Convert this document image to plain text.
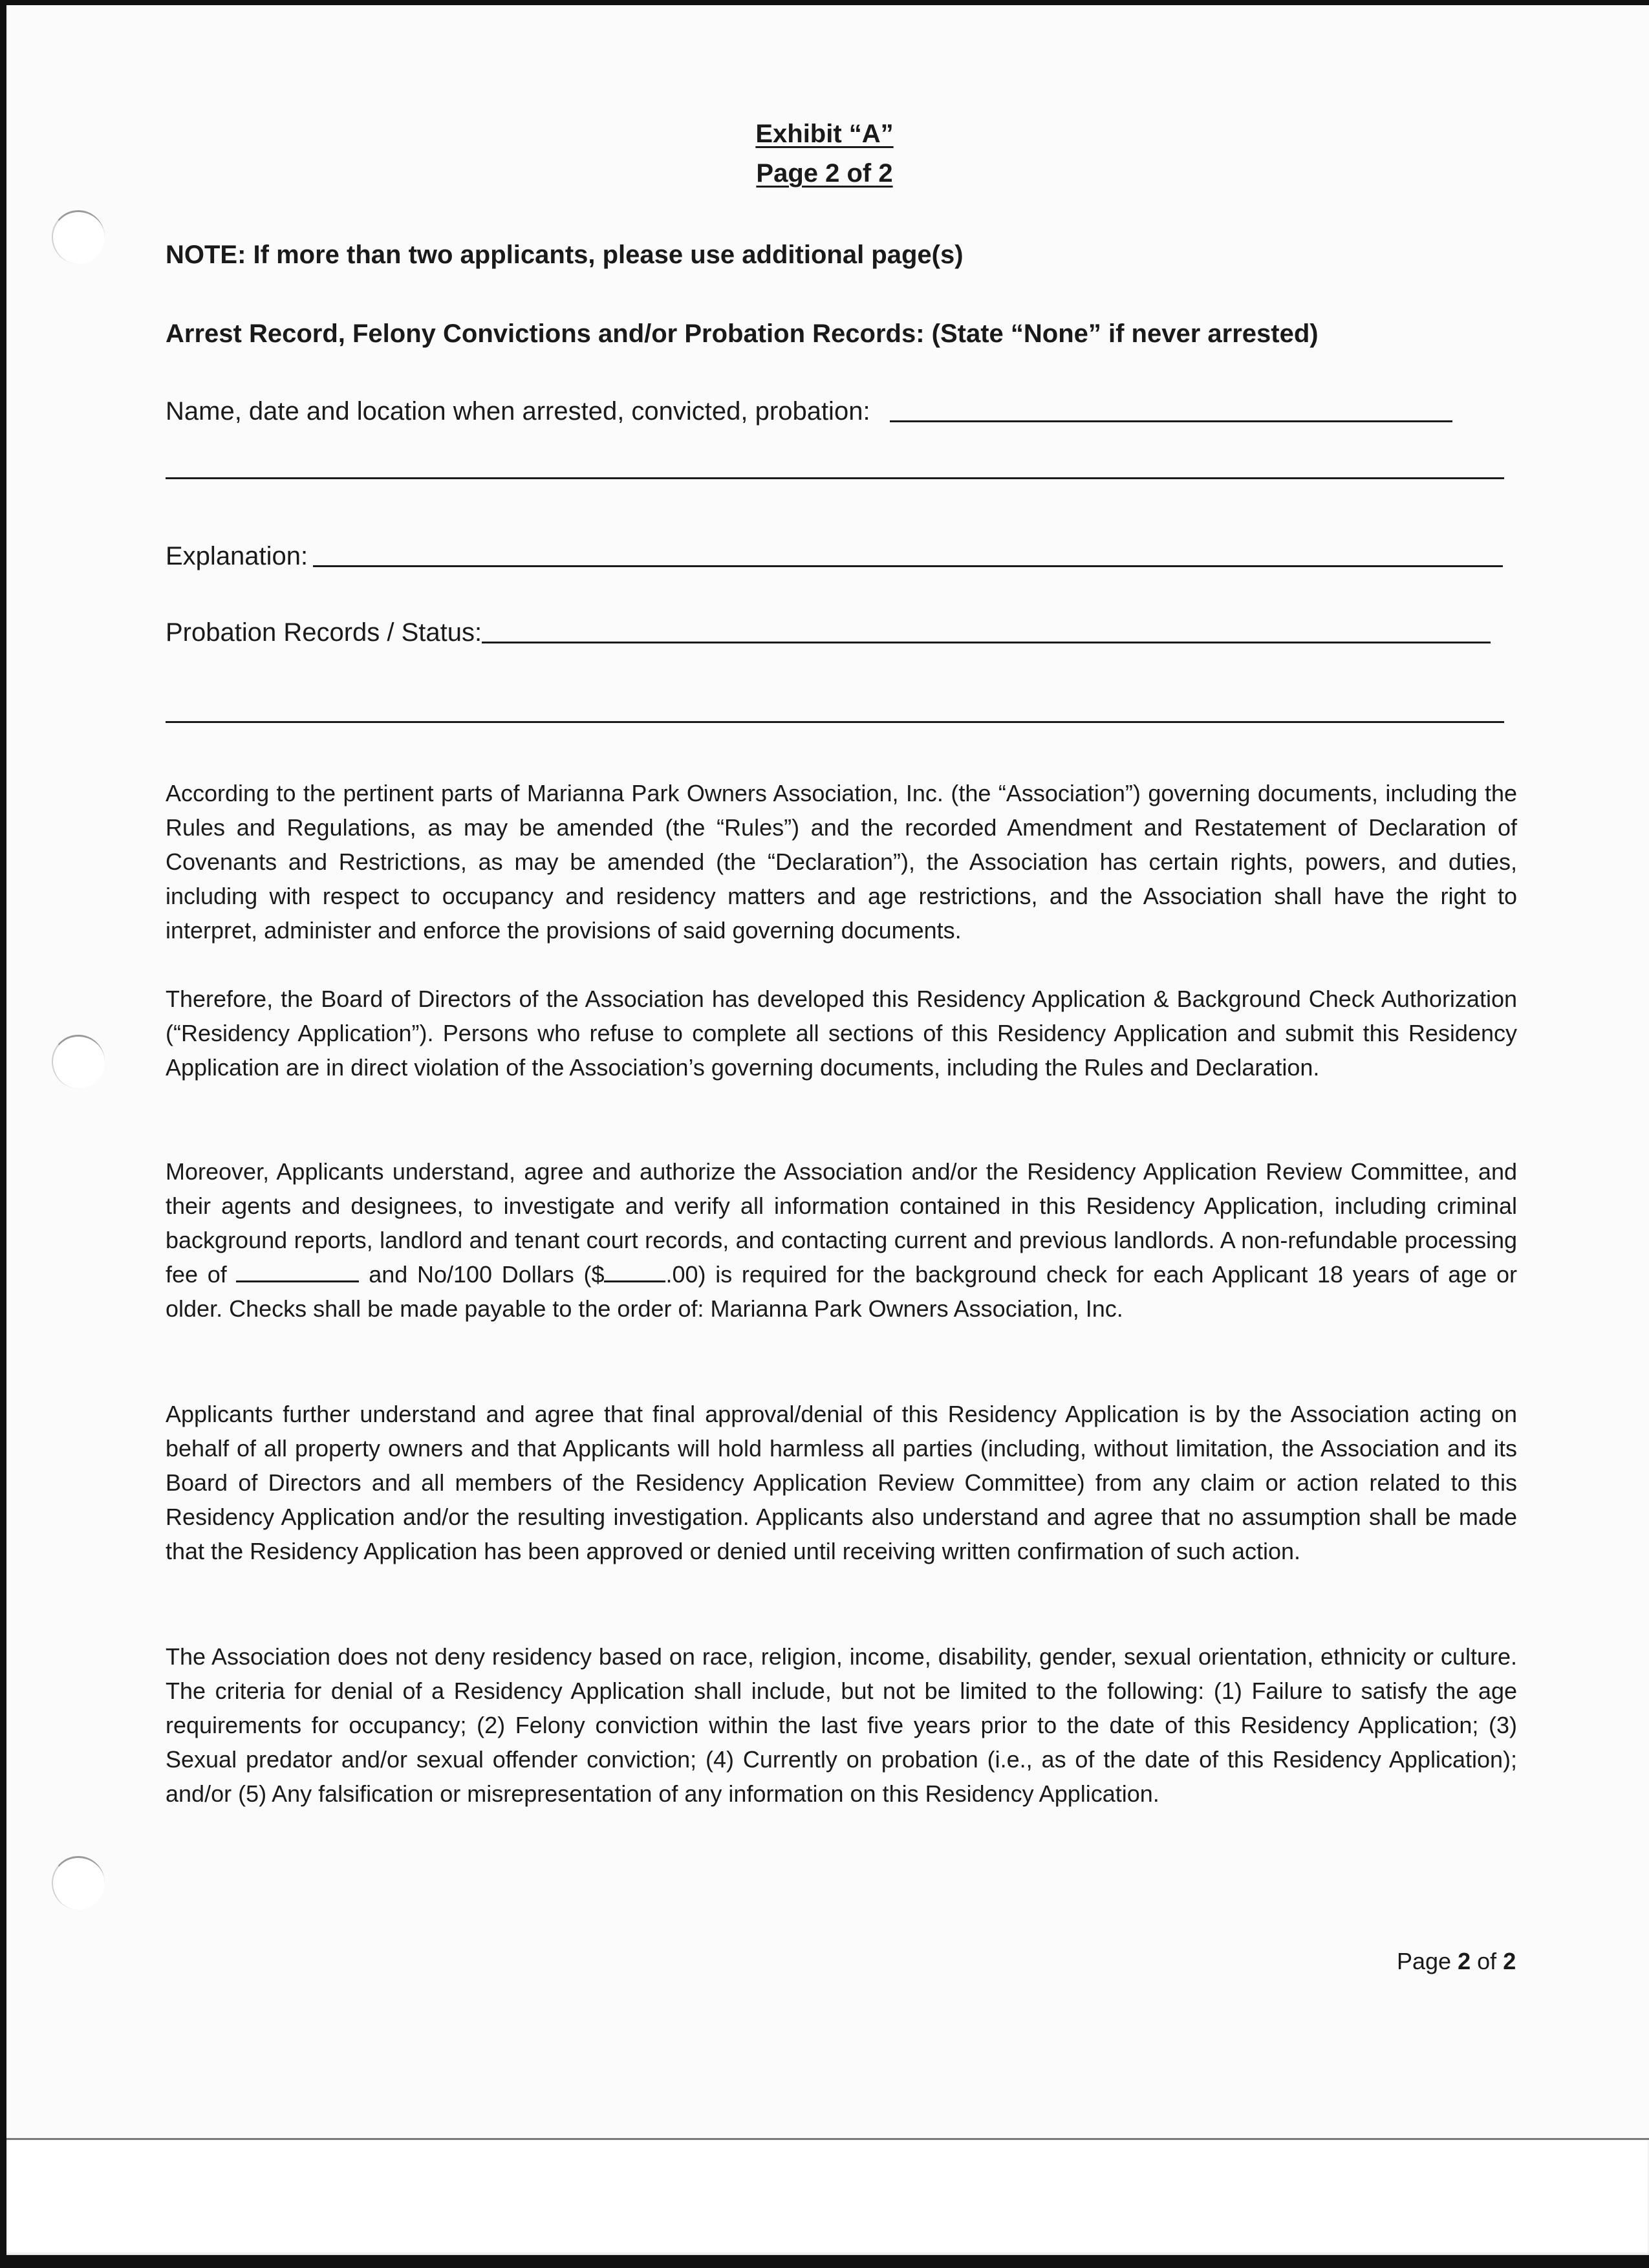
Exhibit “A”
Page 2 of 2
NOTE: If more than two applicants, please use additional page(s)
Arrest Record, Felony Convictions and/or Probation Records: (State “None” if never arrested)
Name, date and location when arrested, convicted, probation:
Explanation:
Probation Records / Status:
According to the pertinent parts of Marianna Park Owners Association, Inc. (the “Association”) governing documents, including the Rules and Regulations, as may be amended (the “Rules”) and the recorded Amendment and Restatement of Declaration of Covenants and Restrictions, as may be amended (the “Declaration”), the Association has certain rights, powers, and duties, including with respect to occupancy and residency matters and age restrictions, and the Association shall have the right to interpret, administer and enforce the provisions of said governing documents.
Therefore, the Board of Directors of the Association has developed this Residency Application & Background Check Authorization (“Residency Application”). Persons who refuse to complete all sections of this Residency Application and submit this Residency Application are in direct violation of the Association’s governing documents, including the Rules and Declaration.
Moreover, Applicants understand, agree and authorize the Association and/or the Residency Application Review Committee, and their agents and designees, to investigate and verify all information contained in this Residency Application, including criminal background reports, landlord and tenant court records, and contacting current and previous landlords. A non-refundable processing fee of	and No/100 Dollars ($	.00) is required for the background check for each Applicant 18 years of age or older. Checks shall be made payable to the order of: Marianna Park Owners Association, Inc.
Applicants further understand and agree that final approval/denial of this Residency Application is by the Association acting on behalf of all property owners and that Applicants will hold harmless all parties (including, without limitation, the Association and its Board of Directors and all members of the Residency Application Review Committee) from any claim or action related to this Residency Application and/or the resulting investigation. Applicants also understand and agree that no assumption shall be made that the Residency Application has been approved or denied until receiving written confirmation of such action.
The Association does not deny residency based on race, religion, income, disability, gender, sexual orientation, ethnicity or culture. The criteria for denial of a Residency Application shall include, but not be limited to the following: (1) Failure to satisfy the age requirements for occupancy; (2) Felony conviction within the last five years prior to the date of this Residency Application; (3) Sexual predator and/or sexual offender conviction; (4) Currently on probation (i.e., as of the date of this Residency Application); and/or (5) Any falsification or misrepresentation of any information on this Residency Application.
Page 2 of 2
